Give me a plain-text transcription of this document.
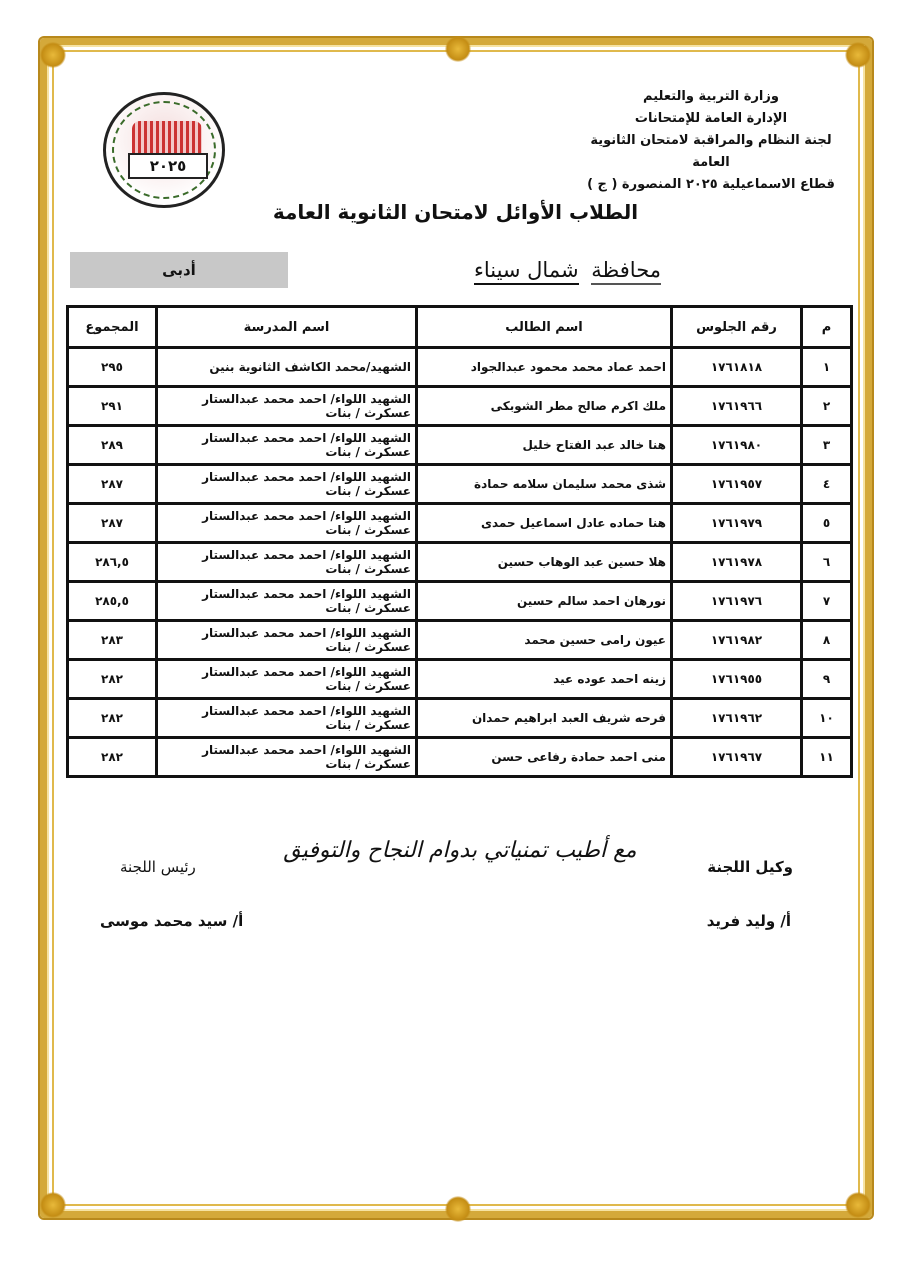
٢٠٢٥
وزارة التربية والتعليم
الإدارة العامة للإمتحانات
لجنة النظام والمراقبة لامتحان الثانوية العامة
قطاع الاسماعيلية ٢٠٢٥ المنصورة ( ج )
الطلاب الأوائل لامتحان الثانوية العامة
محافظة شمال سيناء
أدبى
م	رقم الجلوس	اسم الطالب	اسم المدرسة	المجموع
١	١٧٦١٨١٨	احمد عماد محمد محمود عبدالجواد	الشهيد/محمد الكاشف الثانوية بنين	٢٩٥
٢	١٧٦١٩٦٦	ملك اكرم صالح مطر الشوبكى	الشهيد اللواء/ احمد محمد عبدالستار عسكرث / بنات	٢٩١
٣	١٧٦١٩٨٠	هنا خالد عبد الفتاح خليل	الشهيد اللواء/ احمد محمد عبدالستار عسكرث / بنات	٢٨٩
٤	١٧٦١٩٥٧	شذى محمد سليمان سلامه حمادة	الشهيد اللواء/ احمد محمد عبدالستار عسكرث / بنات	٢٨٧
٥	١٧٦١٩٧٩	هنا حماده عادل اسماعيل حمدى	الشهيد اللواء/ احمد محمد عبدالستار عسكرث / بنات	٢٨٧
٦	١٧٦١٩٧٨	هلا حسين عبد الوهاب حسين	الشهيد اللواء/ احمد محمد عبدالستار عسكرث / بنات	٢٨٦,٥
٧	١٧٦١٩٧٦	نورهان احمد سالم حسين	الشهيد اللواء/ احمد محمد عبدالستار عسكرث / بنات	٢٨٥,٥
٨	١٧٦١٩٨٢	عيون رامى حسين محمد	الشهيد اللواء/ احمد محمد عبدالستار عسكرث / بنات	٢٨٣
٩	١٧٦١٩٥٥	زينه احمد عوده عيد	الشهيد اللواء/ احمد محمد عبدالستار عسكرث / بنات	٢٨٢
١٠	١٧٦١٩٦٢	فرحه شريف العبد ابراهيم حمدان	الشهيد اللواء/ احمد محمد عبدالستار عسكرث / بنات	٢٨٢
١١	١٧٦١٩٦٧	منى احمد حمادة رفاعى حسن	الشهيد اللواء/ احمد محمد عبدالستار عسكرث / بنات	٢٨٢
وكيل اللجنة
أ/ وليد فريد
مع أطيب تمنياتي بدوام النجاح والتوفيق
رئيس اللجنة
أ/ سيد محمد موسى
